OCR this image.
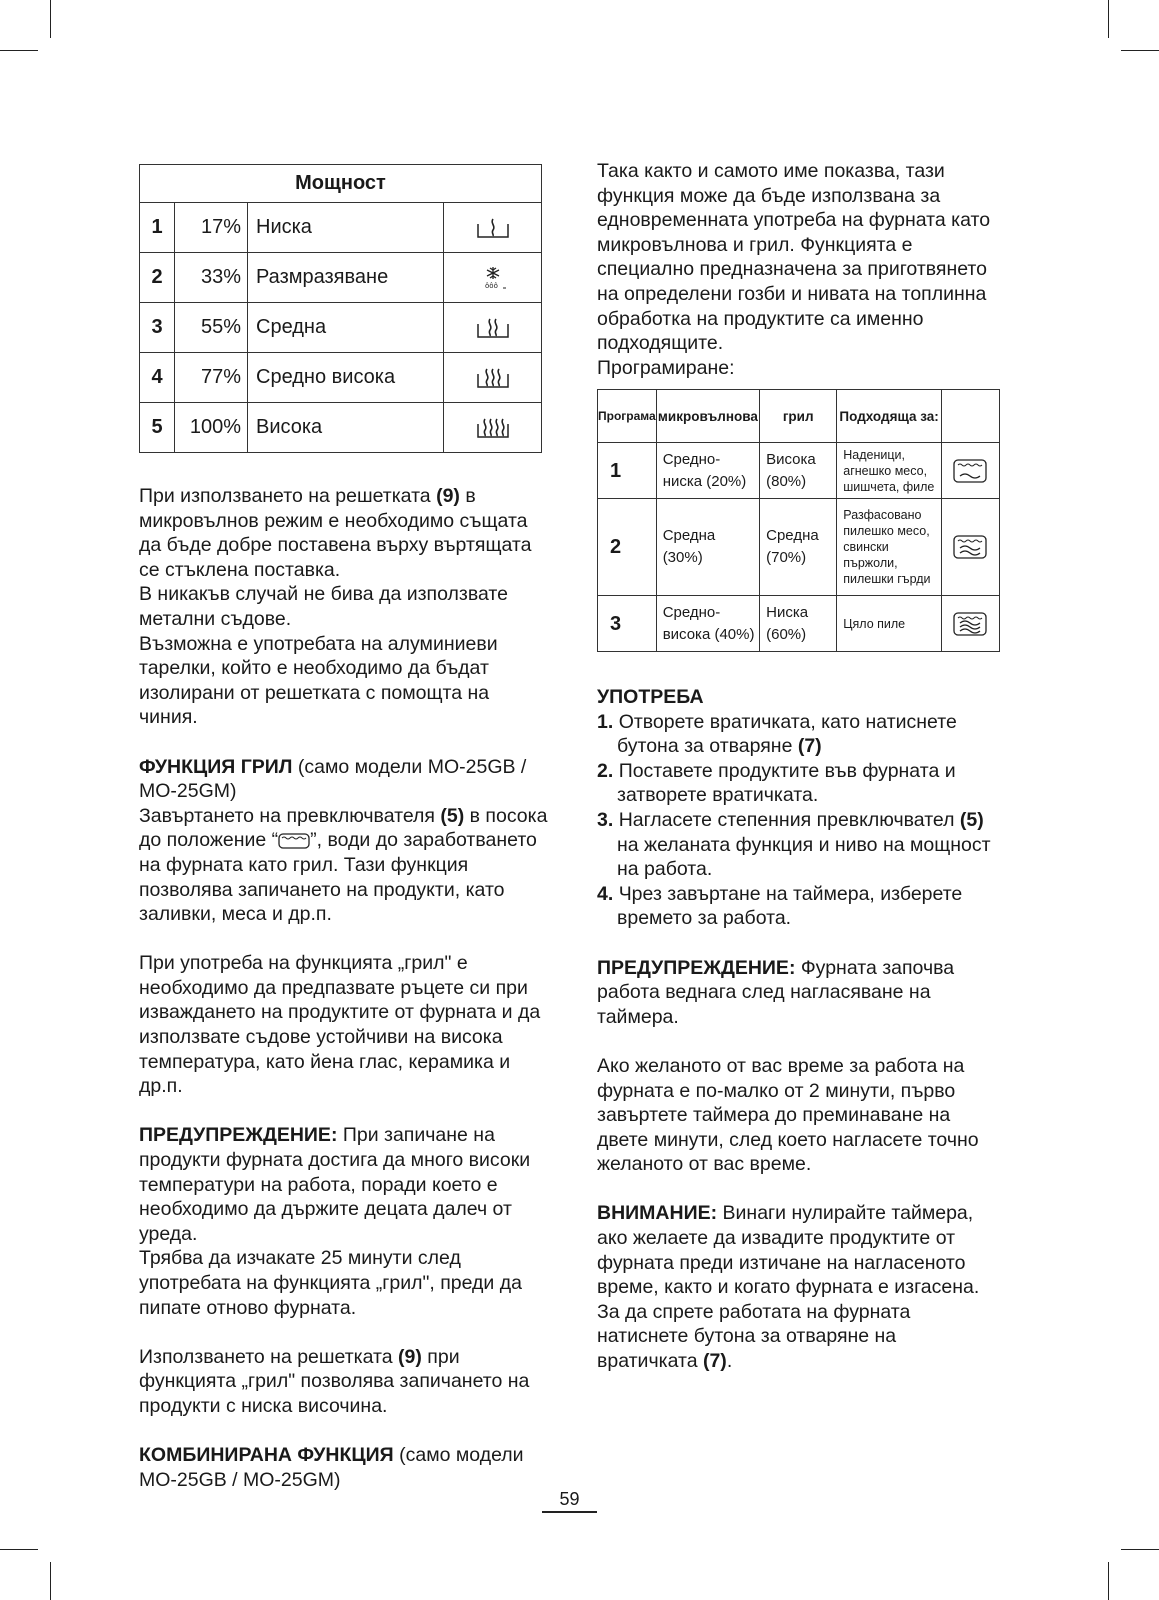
Мощност			
1	17%	Ниска	
2	33%	Размразяване	ôôô

3	55%	Средна	
4	77%	Средно висока	
5	100%	Висока	

При използването на решетката (9) в микровълнов режим е необходимо същата да бъде добре поставена върху въртящата се стъклена поставка.

В никакъв случай не бива да използвате метални съдове.

Възможна е употребата на алуминиеви тарелки, който е необходимо да бъдат изолирани от решетката с помощта на чиния.

ФУНКЦИЯ ГРИЛ (само модели MO-25GB / MO-25GM)

Завъртането на превключвателя (5) в посока до положение “ ”, води до заработването на фурната като грил. Тази функция позволява запичането на продукти, като заливки, меса и др.п.

При употреба на функцията „грил" е необходимо да предпазвате ръцете си при изваждането на продуктите от фурната и да използвате съдове устойчиви на висока температура, като йена глас, керамика и др.п.

ПРЕДУПРЕЖДЕНИЕ: При запичане на продукти фурната достига да много високи температури на работа, поради което е необходимо да държите децата далеч от уреда.

Трябва да изчакате 25 минути след употребата на функцията „грил", преди да пипате отново фурната.

Използването на решетката (9) при функцията „грил" позволява запичането на продукти с ниска височина.

КОМБИНИРАНА ФУНКЦИЯ (само модели MO-25GB / MO-25GM)

Така както и самото име показва, тази функция може да бъде използвана за едновременната употреба на фурната като микровълнова и грил. Функцията е специално предназначена за приготвянето на определени гозби и нивата на топлинна обработка на продуктите са именно подходящите.

Програмиране:

Програма	микровълнова	грил	Подходяща за:	
1	Средно-ниска (20%)	Висока (80%)	Наденици, агнешко месо, шишчета, филе	
2	Средна (30%)	Средна (70%)	Разфасовано пилешко месо, свински пържоли, пилешки гърди	
3	Средно-висока (40%)	Ниска (60%)	Цяло пиле	

УПОТРЕБА

1. Отворете вратичката, като натиснете бутона за отваряне (7)

2. Поставете продуктите във фурната и затворете вратичката.

3. Нагласете степенния превключвател (5) на желаната функция и ниво на мощност на работа.

4. Чрез завъртане на таймера, изберете времето за работа.

ПРЕДУПРЕЖДЕНИЕ: Фурната започва работа веднага след нагласяване на таймера.

Ако желаното от вас време за работа на фурната е по-малко от 2 минути, първо завъртете таймера до преминаване на двете минути, след което нагласете точно желаното от вас време.

ВНИМАНИЕ: Винаги нулирайте таймера, ако желаете да извадите продуктите от фурната преди изтичане на нагласеното време, както и когато фурната е изгасена.

За да спрете работата на фурната натиснете бутона за отваряне на вратичката (7).

59
